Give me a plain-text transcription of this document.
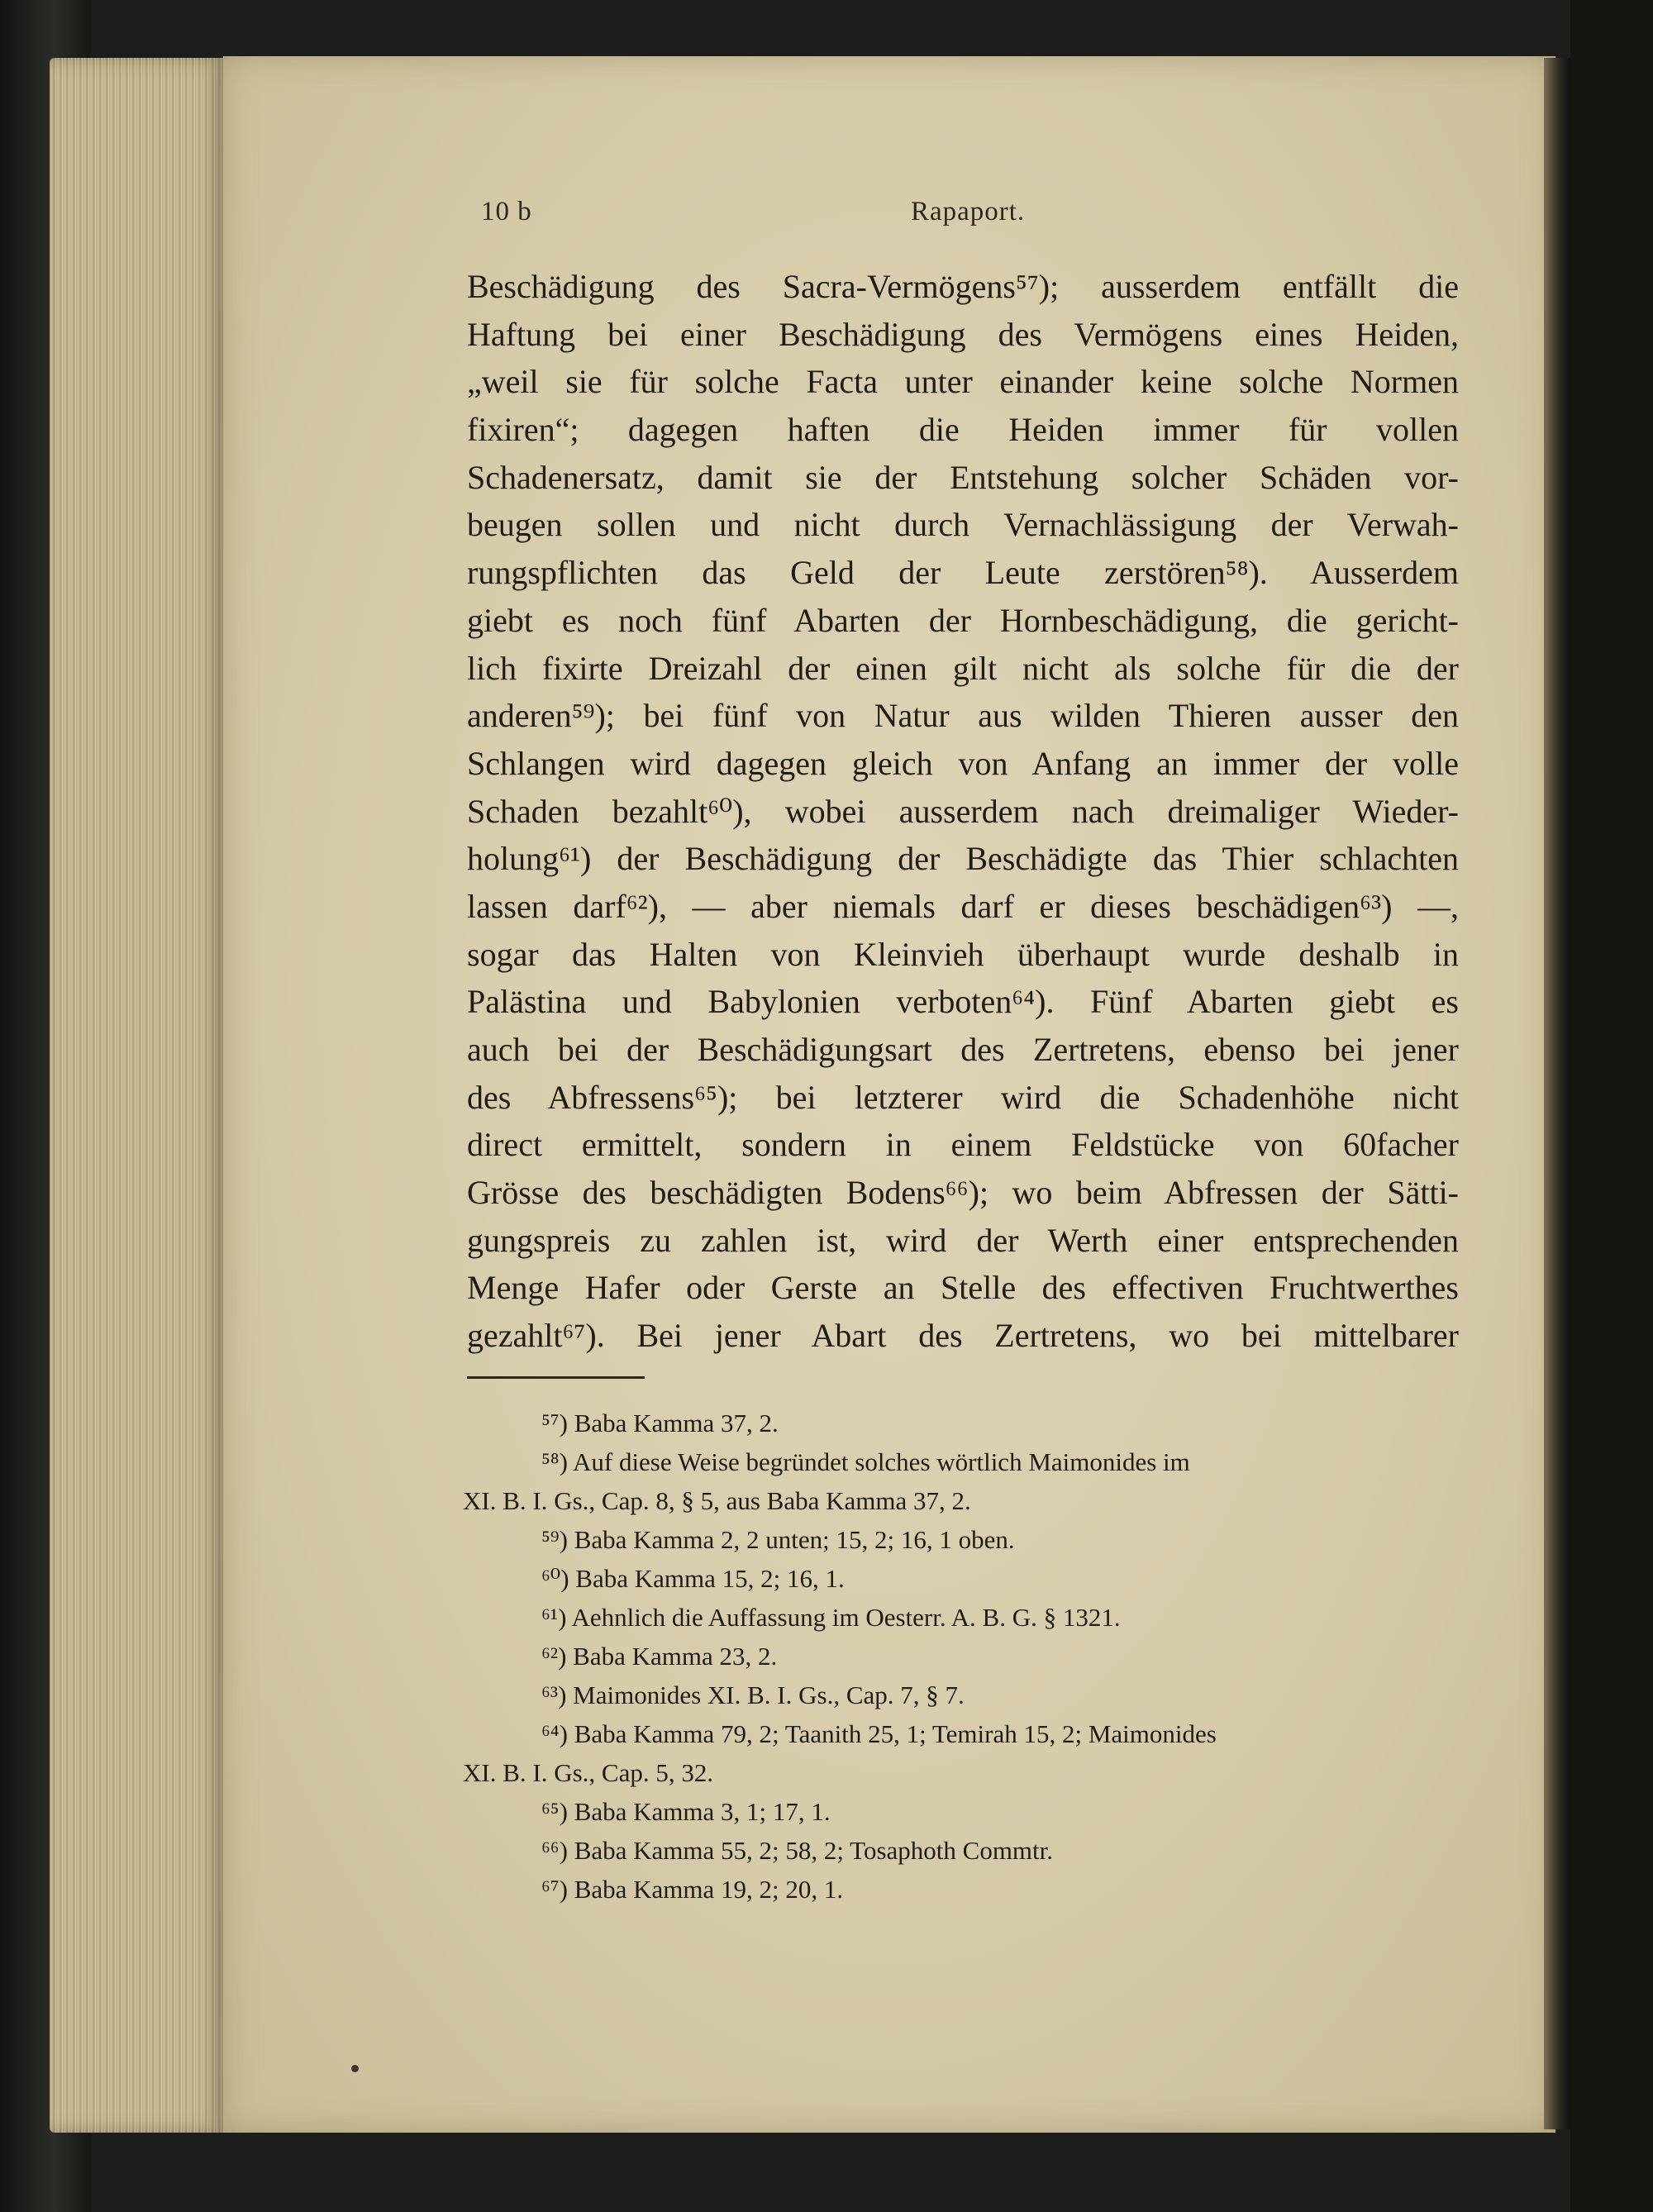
10 b	Rapaport.
Beschädigung des Sacra-Vermögens⁵⁷); ausserdem entfällt die
Haftung bei einer Beschädigung des Vermögens eines Heiden,
„weil sie für solche Facta unter einander keine solche Normen
fixiren“; dagegen haften die Heiden immer für vollen
Schadenersatz, damit sie der Entstehung solcher Schäden vor-
beugen sollen und nicht durch Vernachlässigung der Verwah-
rungspflichten das Geld der Leute zerstören⁵⁸). Ausserdem
giebt es noch fünf Abarten der Hornbeschädigung, die gericht-
lich fixirte Dreizahl der einen gilt nicht als solche für die der
anderen⁵⁹); bei fünf von Natur aus wilden Thieren ausser den
Schlangen wird dagegen gleich von Anfang an immer der volle
Schaden bezahlt⁶⁰), wobei ausserdem nach dreimaliger Wieder-
holung⁶¹) der Beschädigung der Beschädigte das Thier schlachten
lassen darf⁶²), — aber niemals darf er dieses beschädigen⁶³) —,
sogar das Halten von Kleinvieh überhaupt wurde deshalb in
Palästina und Babylonien verboten⁶⁴). Fünf Abarten giebt es
auch bei der Beschädigungsart des Zertretens, ebenso bei jener
des Abfressens⁶⁵); bei letzterer wird die Schadenhöhe nicht
direct ermittelt, sondern in einem Feldstücke von 60facher
Grösse des beschädigten Bodens⁶⁶); wo beim Abfressen der Sätti-
gungspreis zu zahlen ist, wird der Werth einer entsprechenden
Menge Hafer oder Gerste an Stelle des effectiven Fruchtwerthes
gezahlt⁶⁷). Bei jener Abart des Zertretens, wo bei mittelbarer
⁵⁷) Baba Kamma 37, 2.
⁵⁸) Auf diese Weise begründet solches wörtlich Maimonides im
XI. B. I. Gs., Cap. 8, § 5, aus Baba Kamma 37, 2.
⁵⁹) Baba Kamma 2, 2 unten; 15, 2; 16, 1 oben.
⁶⁰) Baba Kamma 15, 2; 16, 1.
⁶¹) Aehnlich die Auffassung im Oesterr. A. B. G. § 1321.
⁶²) Baba Kamma 23, 2.
⁶³) Maimonides XI. B. I. Gs., Cap. 7, § 7.
⁶⁴) Baba Kamma 79, 2; Taanith 25, 1; Temirah 15, 2; Maimonides
XI. B. I. Gs., Cap. 5, 32.
⁶⁵) Baba Kamma 3, 1; 17, 1.
⁶⁶) Baba Kamma 55, 2; 58, 2; Tosaphoth Commtr.
⁶⁷) Baba Kamma 19, 2; 20, 1.
